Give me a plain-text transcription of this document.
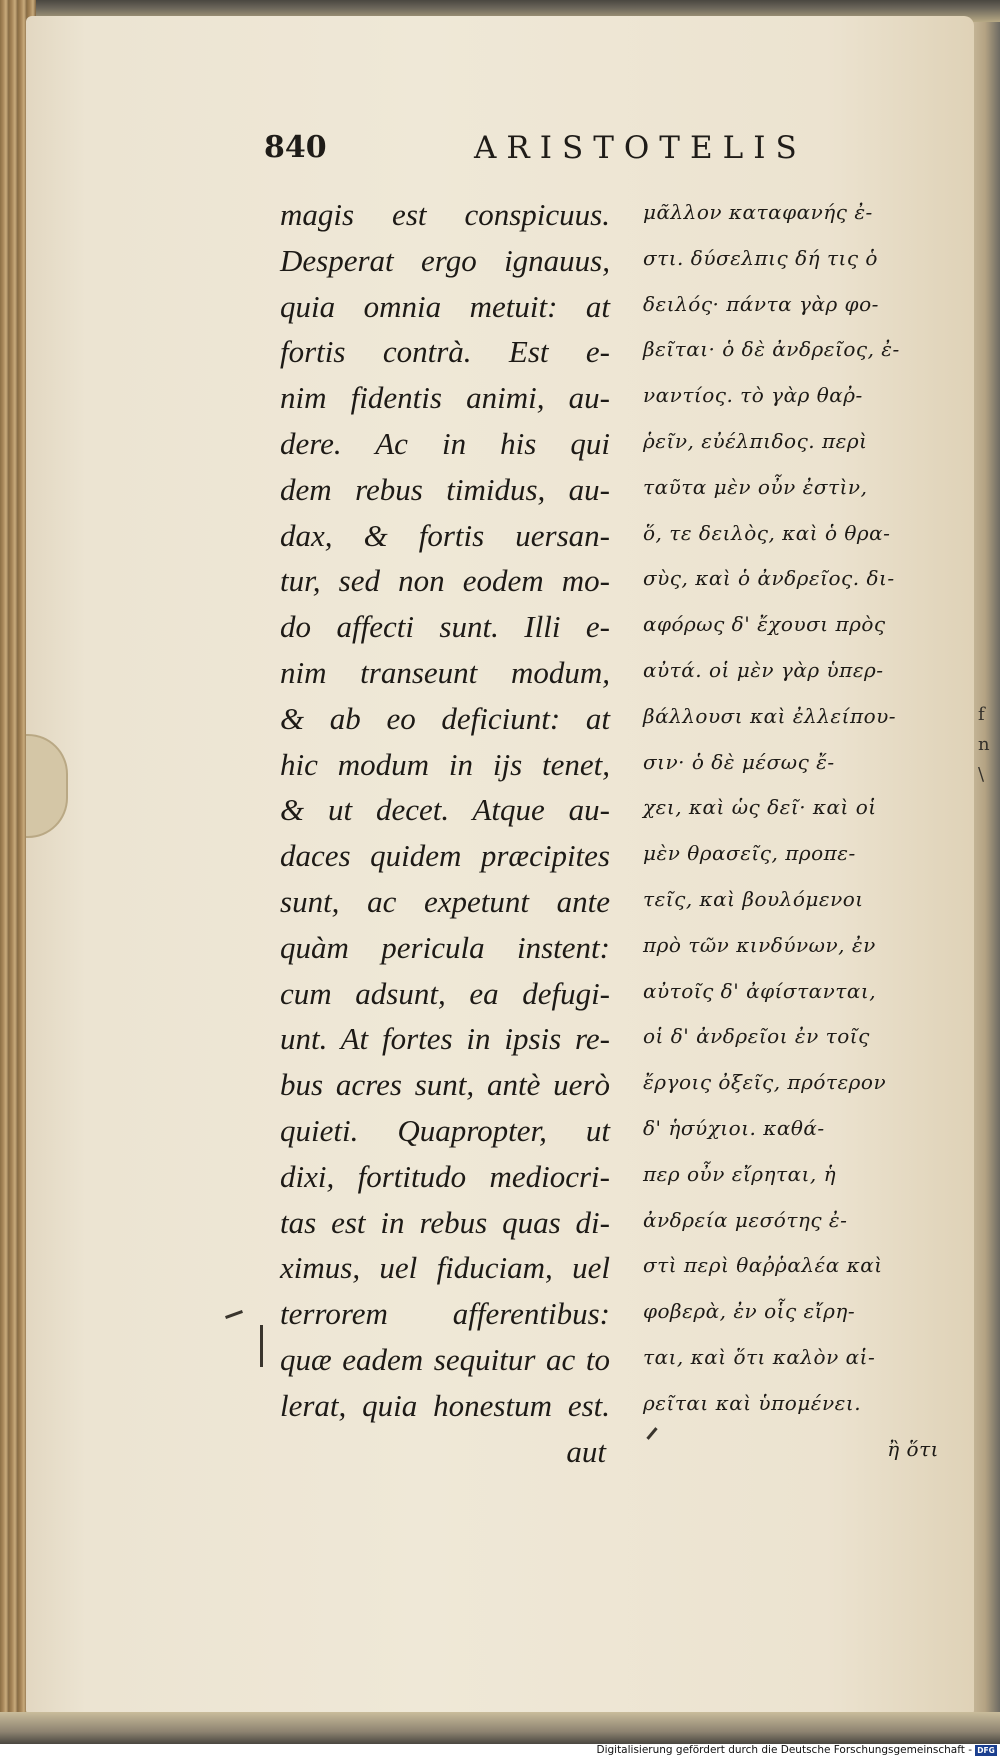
f
n
\
840	ARISTOTELIS
magis est conspicuus.
Desperat ergo ignauus,
quia omnia metuit: at
fortis contrà. Est e-
nim fidentis animi, au-
dere. Ac in his qui
dem rebus timidus, au-
dax, & fortis uersan-
tur, sed non eodem mo-
do affecti sunt. Illi e-
nim transeunt modum,
& ab eo deficiunt: at
hic modum in ijs tenet,
& ut decet. Atque au-
daces quidem præcipites
sunt, ac expetunt ante
quàm pericula instent:
cum adsunt, ea defugi-
unt. At fortes in ipsis re-
bus acres sunt, antè uerò
quieti. Quapropter, ut
dixi, fortitudo mediocri-
tas est in rebus quas di-
ximus, uel fiduciam, uel
terrorem afferentibus:
quæ eadem sequitur ac to
lerat, quia honestum est.
aut
μᾶλλον καταφανής ἐ-
στι. δύσελπις δή τις ὁ
δειλός· πάντα γὰρ φο-
βεῖται· ὁ δὲ ἀνδρεῖος, ἐ-
ναντίος. τὸ γὰρ θαῤ-
ῥεῖν, εὐέλπιδος. περὶ
ταῦτα μὲν οὖν ἐστὶν,
ὅ, τε δειλὸς, καὶ ὁ θρα-
σὺς, καὶ ὁ ἀνδρεῖος. δι-
αφόρως δ' ἔχουσι πρὸς
αὐτά. οἱ μὲν γὰρ ὑπερ-
βάλλουσι καὶ ἐλλείπου-
σιν· ὁ δὲ μέσως ἔ-
χει, καὶ ὡς δεῖ· καὶ οἱ
μὲν θρασεῖς, προπε-
τεῖς, καὶ βουλόμενοι
πρὸ τῶν κινδύνων, ἐν
αὐτοῖς δ' ἀφίστανται,
οἱ δ' ἀνδρεῖοι ἐν τοῖς
ἔργοις ὀξεῖς, πρότερον
δ' ἡσύχιοι. καθά-
περ οὖν εἴρηται, ἡ
ἀνδρεία μεσότης ἐ-
στὶ περὶ θαῤῥαλέα καὶ
φοβερὰ, ἐν οἷς εἴρη-
ται, καὶ ὅτι καλὸν αἱ-
ρεῖται καὶ ὑπομένει.
ἢ ὅτι
Digitalisierung gefördert durch die Deutsche Forschungsgemeinschaft - DFG
